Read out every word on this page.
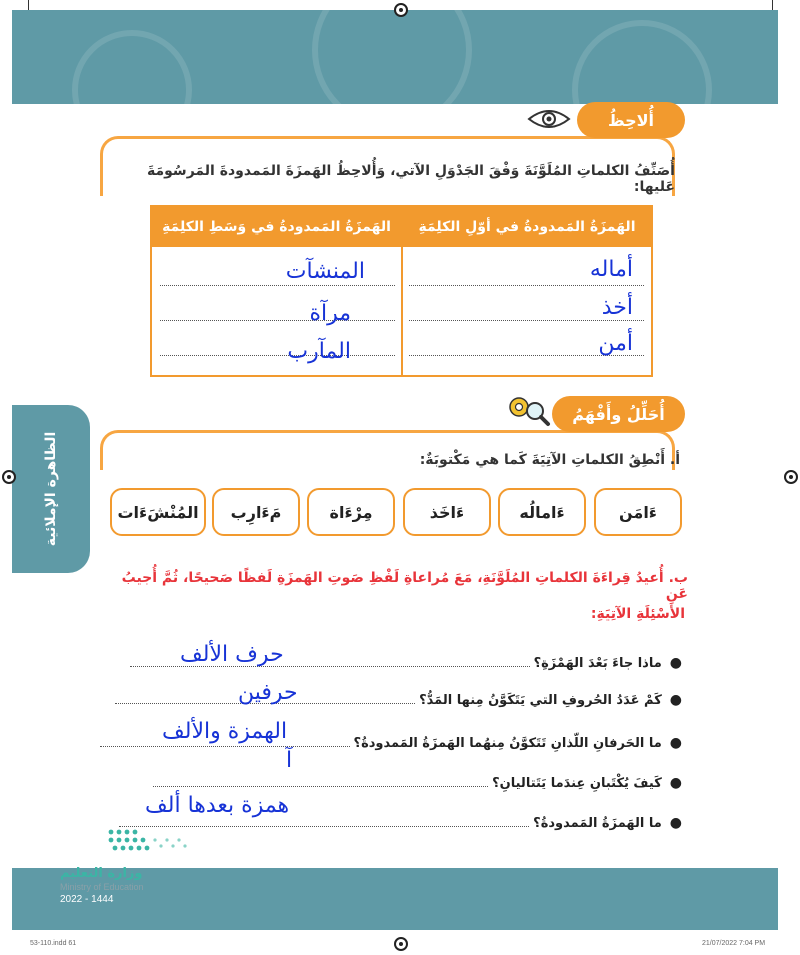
الظاهرة الإملائية
أُلاحِظُ
أُصَنِّفُ الكلماتِ المُلَوَّنَةَ وَفْقَ الجَدْوَلِ الآتي، وَأُلاحِظُ الهَمزَةَ المَمدودةَ المَرسُومَةَ عَليها:
الهَمزَةُ المَمدودةُ في أوّلِ الكلِمَةِ
الهَمزَةُ المَمدودةُ في وَسَطِ الكلِمَةِ
أماله
أخذ
أمن
المنشآت
مرآة
المآرب
أُحَلِّلُ وأَفْهَمُ
أ. أَنْطِقُ الكلماتِ الآتِيَةَ كَما هي مَكْتوبَةٌ:
ءَامَن
ءَامالُه
ءَاخَذ
مِرْءَاة
مَءَارِب
المُنْشَءَات
ب. أُعيدُ قِراءَةَ الكلماتِ المُلَوَّنَةِ، مَعَ مُراعاةِ لَفْظِ صَوتِ الهَمزَةِ لَفظًا صَحيحًا، ثُمَّ أُجيبُ عَن
الأَسْئِلَةِ الآتِيَةِ:
●
ماذا جاءَ بَعْدَ الهَمْزَةِ؟
حرف الألف
●
كَمْ عَدَدُ الحُروفِ التي يَتَكَوَّنُ مِنها المَدُّ؟
حرفين
●
ما الحَرفانِ اللّذانِ تَتَكوَّنُ مِنهُما الهَمزَةُ المَمدودةُ؟
الهمزة والألف
آ
●
كَيفَ يُكْتَبانِ عِندَما يَتَتاليانِ؟
●
ما الهَمزَةُ المَمدودةُ؟
همزة بعدها ألف
وزارة التعليم
Ministry of Education
2022 - 1444
53-110.indd 61	21/07/2022 7:04 PM
